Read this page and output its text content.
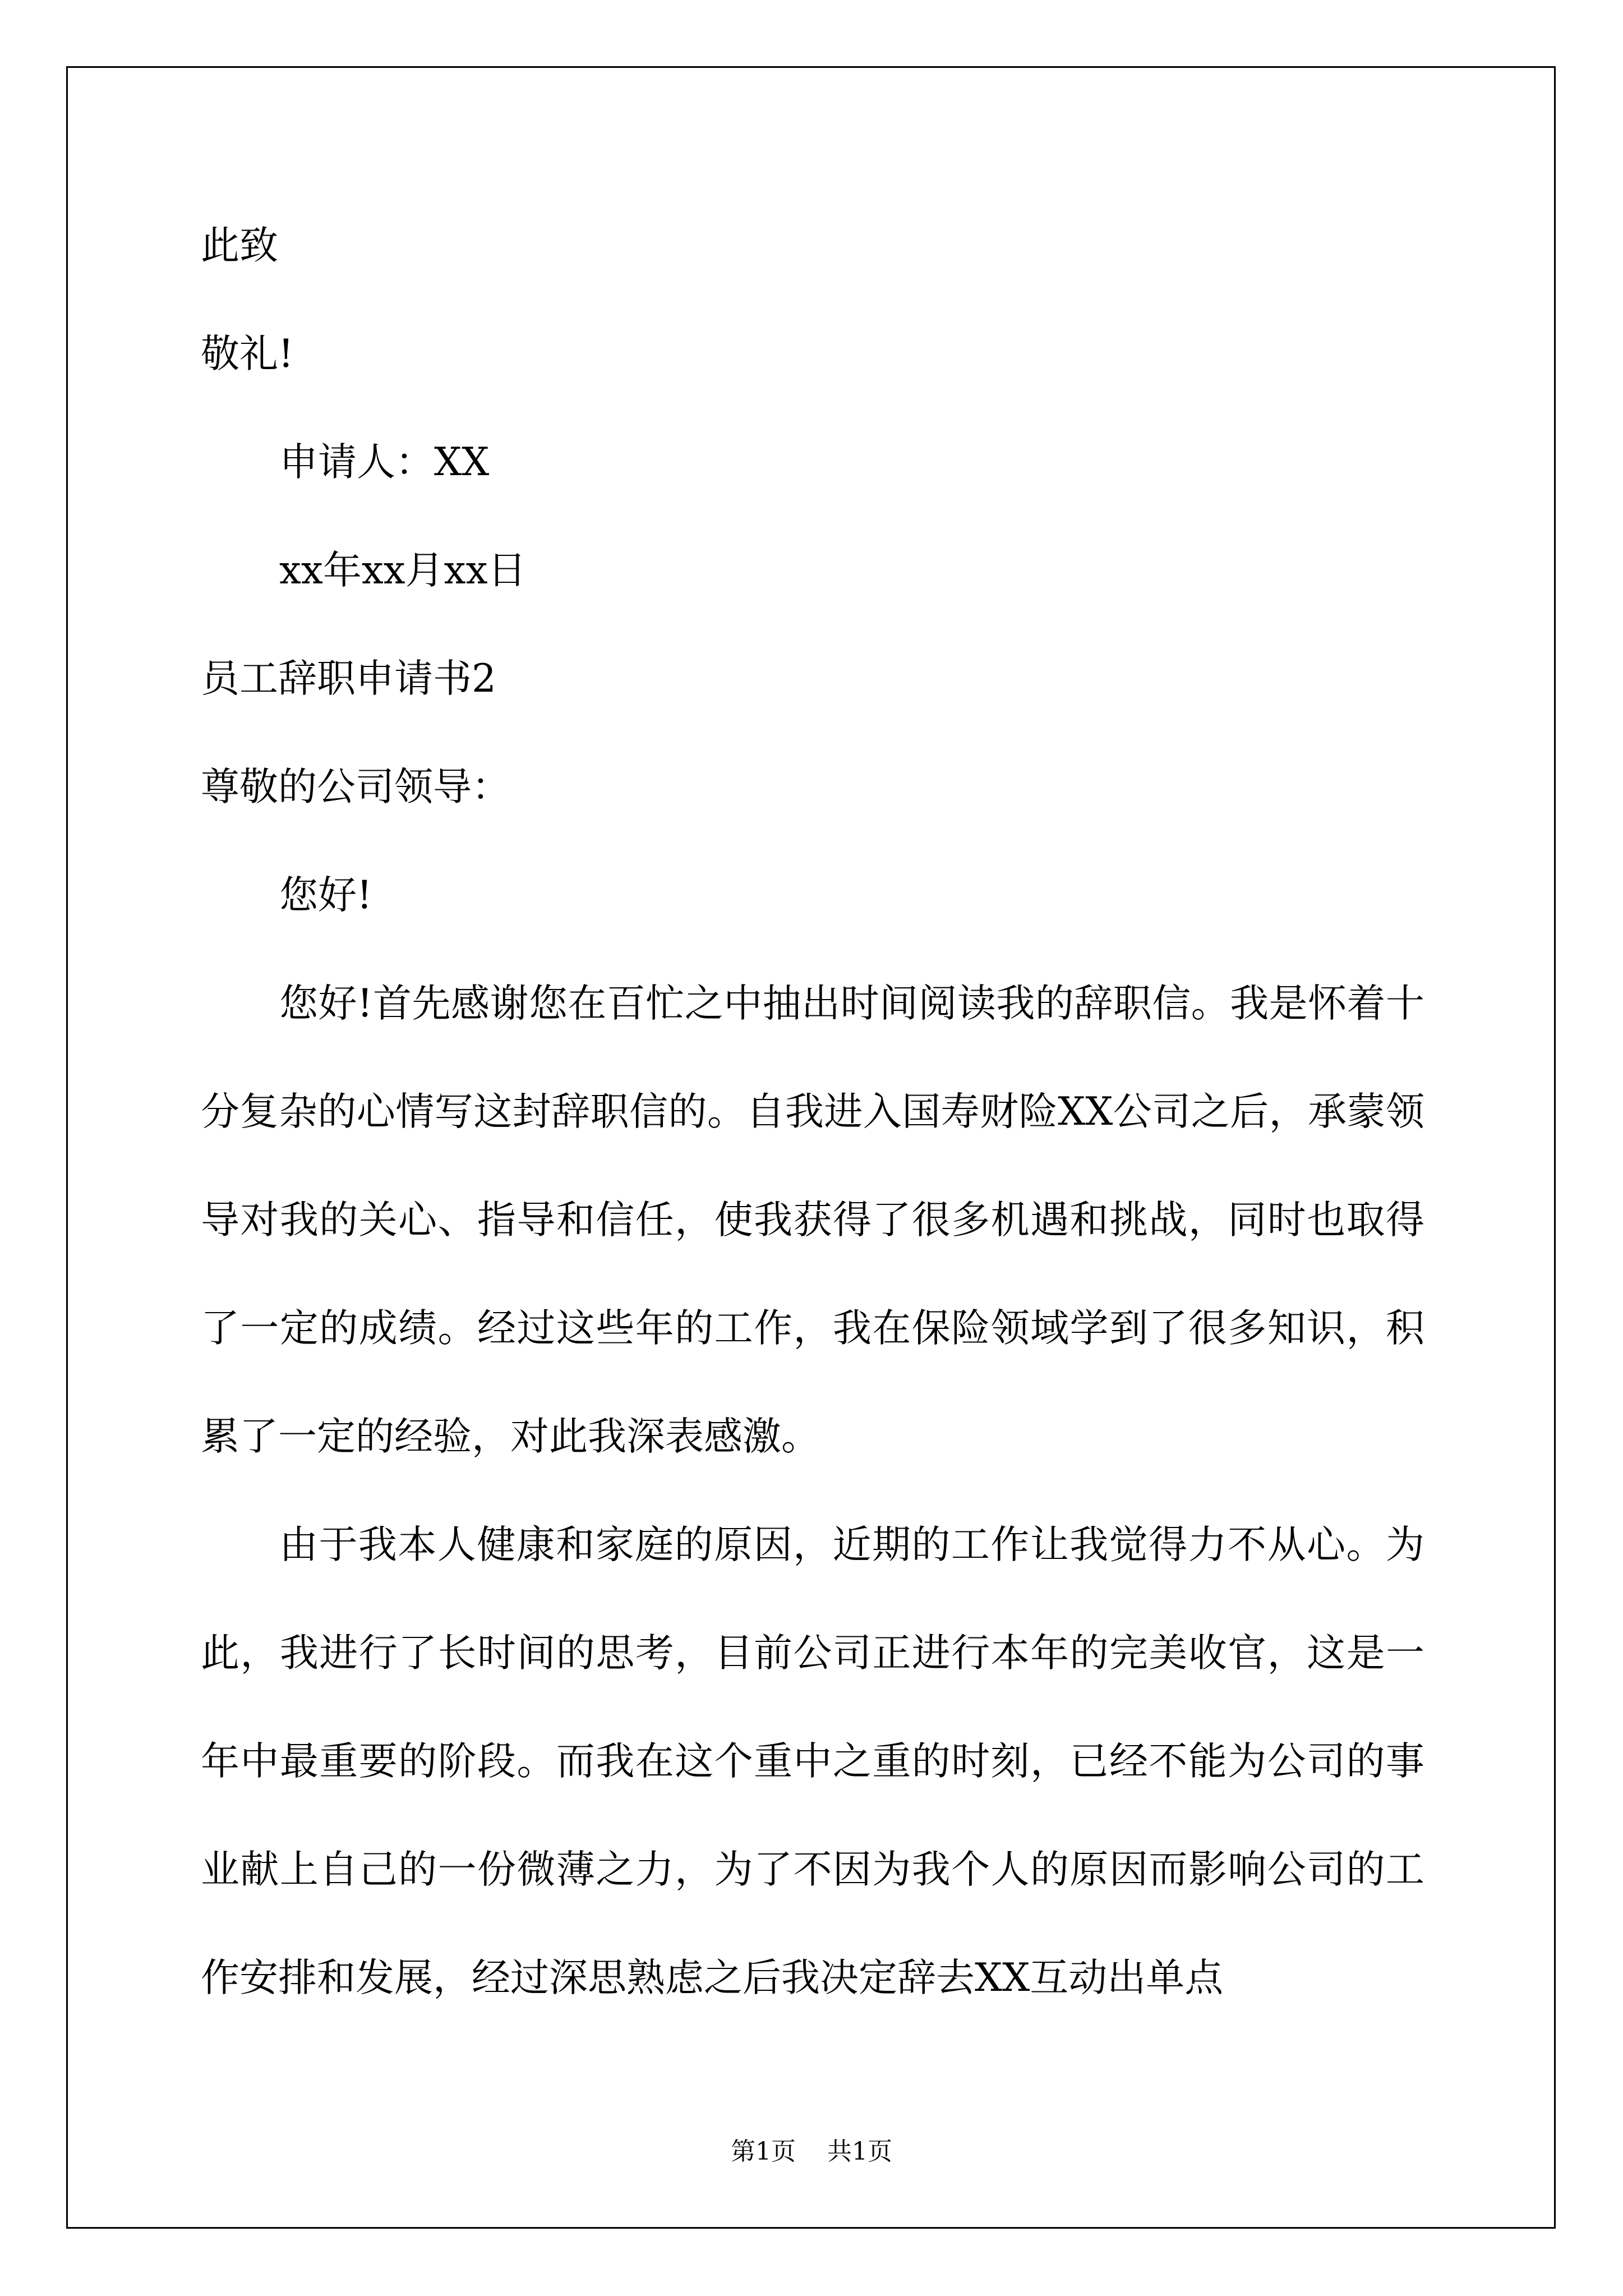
此致
敬礼!
申请人：XX
xx年xx月xx日
员工辞职申请书2
尊敬的公司领导：
您好!
您好!首先感谢您在百忙之中抽出时间阅读我的辞职信。我是怀着十分复杂的心情写这封辞职信的。自我进入国寿财险XX公司之后，承蒙领导对我的关心、指导和信任，使我获得了很多机遇和挑战，同时也取得了一定的成绩。经过这些年的工作，我在保险领域学到了很多知识，积累了一定的经验，对此我深表感激。
由于我本人健康和家庭的原因，近期的工作让我觉得力不从心。为此，我进行了长时间的思考，目前公司正进行本年的完美收官，这是一年中最重要的阶段。而我在这个重中之重的时刻，已经不能为公司的事业献上自己的一份微薄之力，为了不因为我个人的原因而影响公司的工作安排和发展，经过深思熟虑之后我决定辞去XX互动出单点
第1页 共1页
